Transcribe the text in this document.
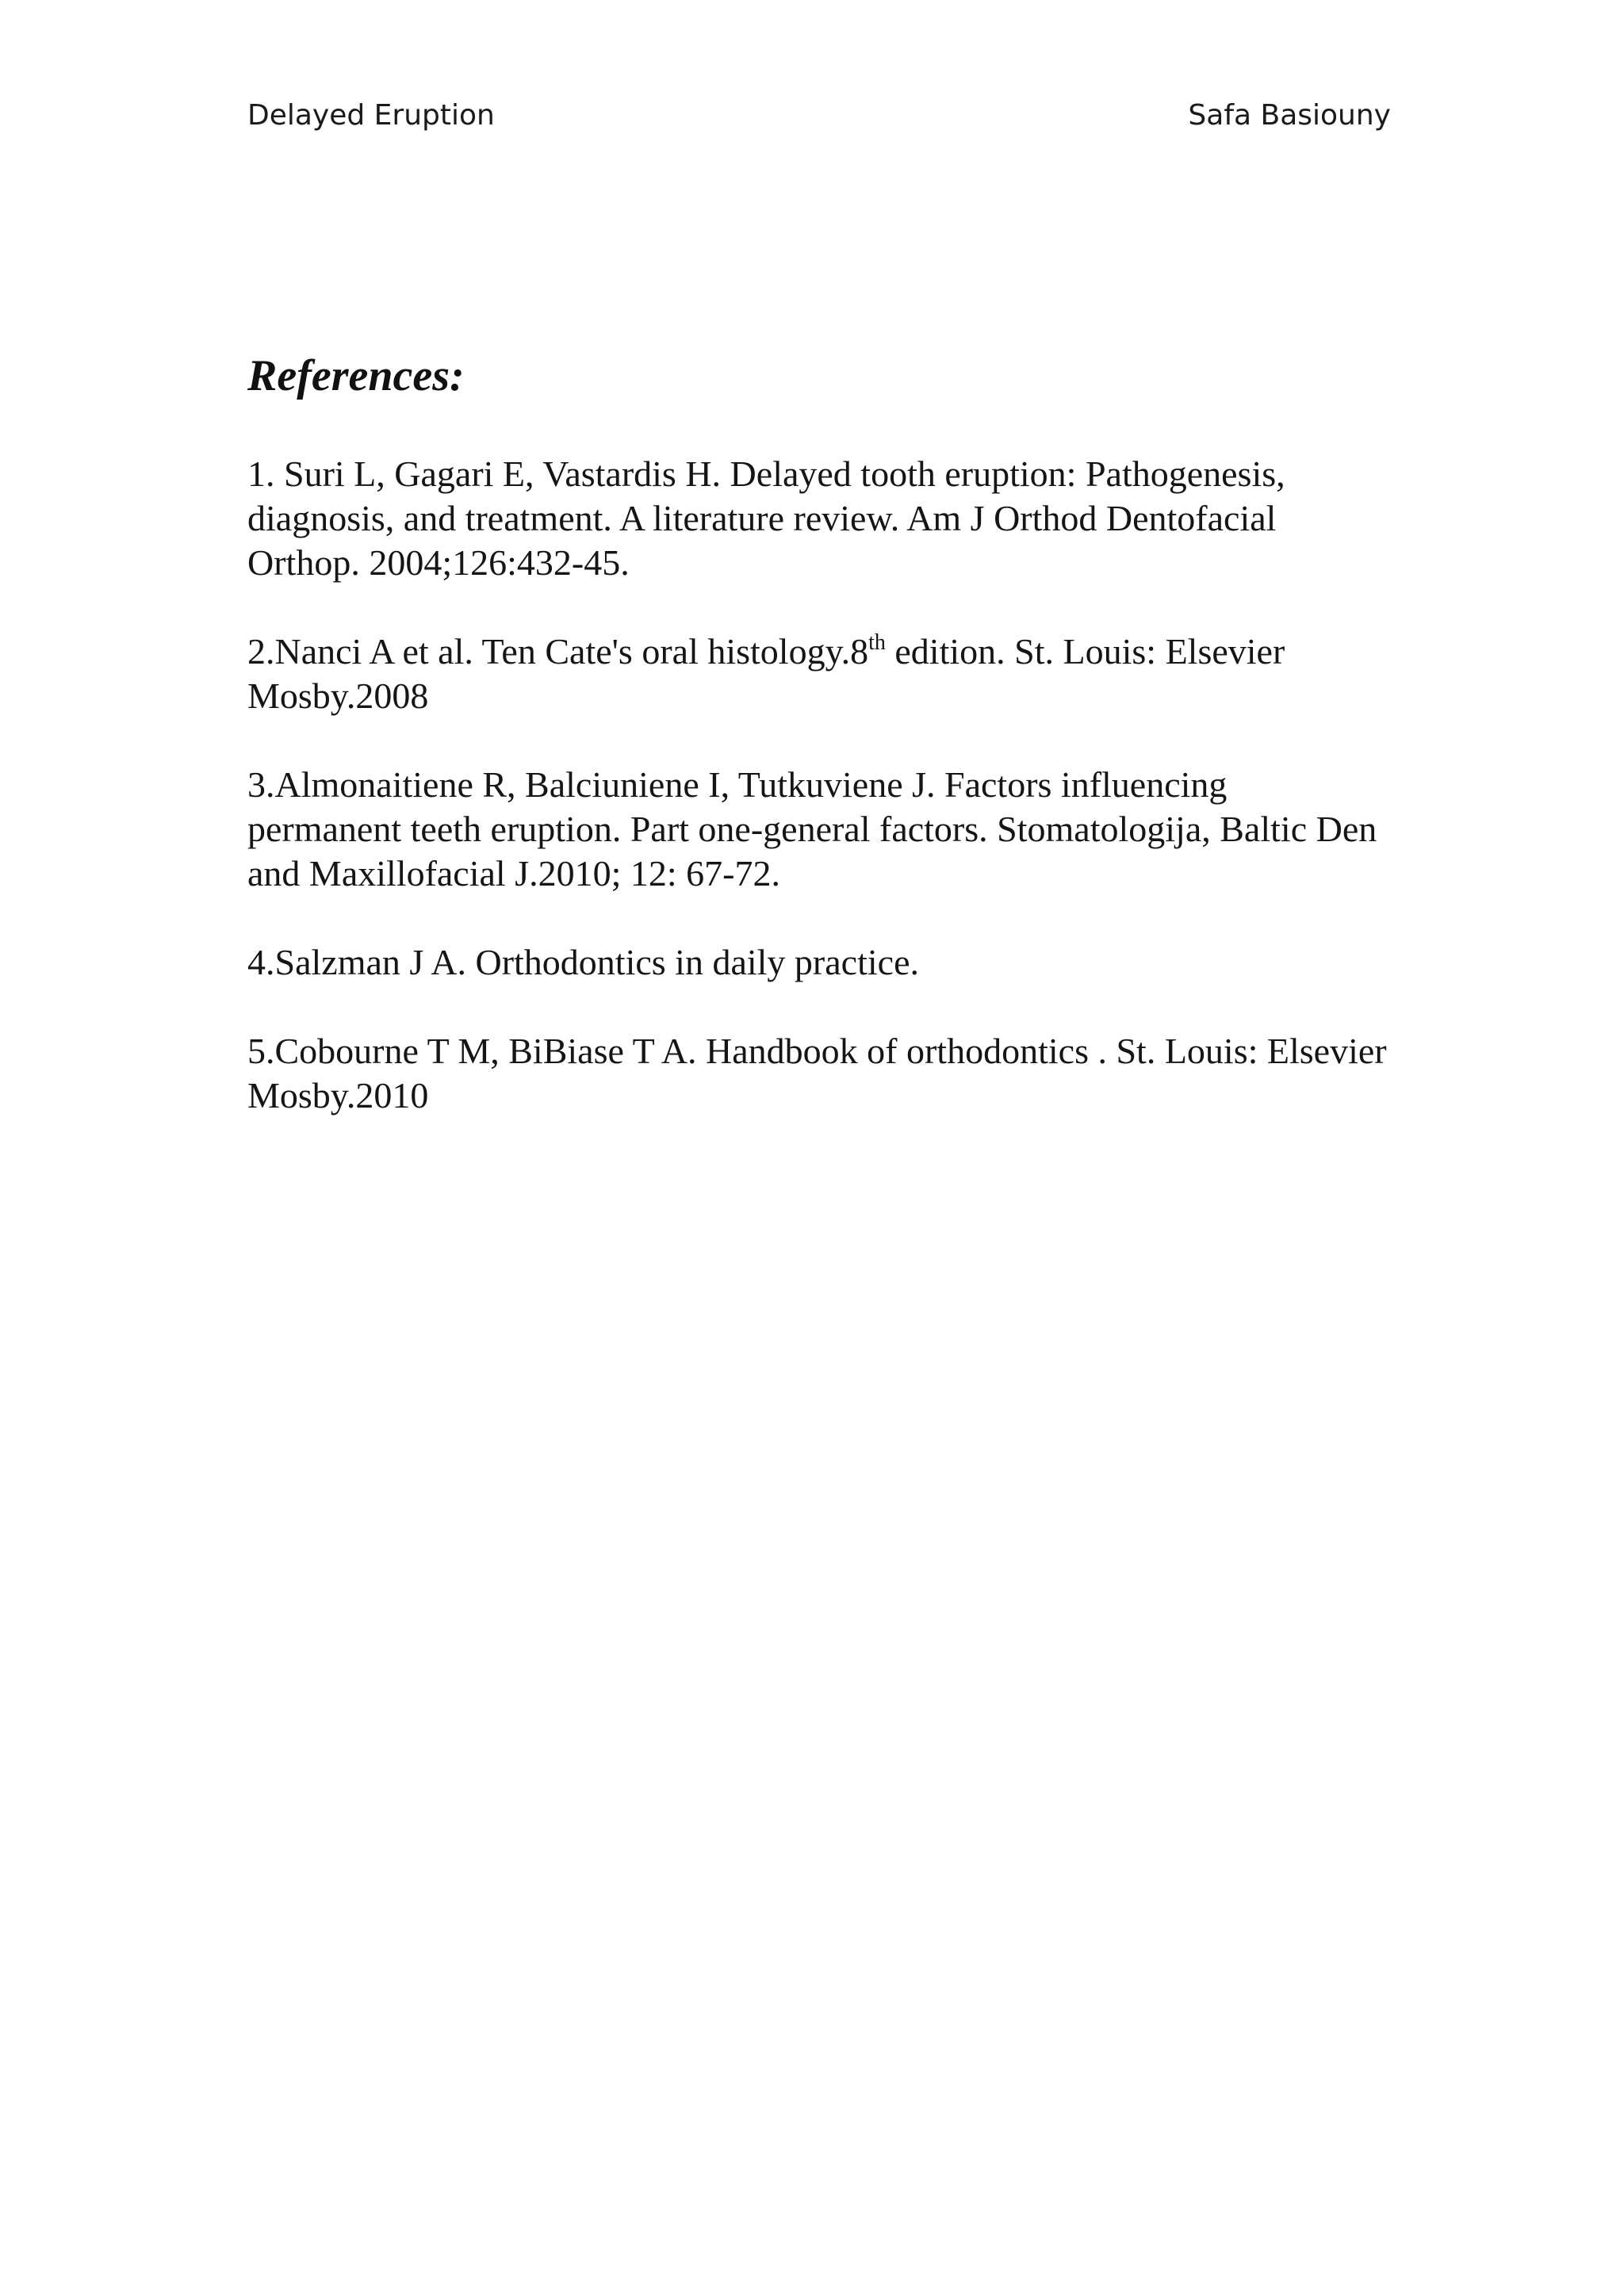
Delayed Eruption	Safa Basiouny
References:

1. Suri L, Gagari E, Vastardis H. Delayed tooth eruption: Pathogenesis, diagnosis, and treatment. A literature review. Am J Orthod Dentofacial Orthop. 2004;126:432-45.

2.Nanci A et al. Ten Cate's oral histology.8th edition. St. Louis: Elsevier Mosby.2008

3.Almonaitiene R, Balciuniene I, Tutkuviene J. Factors influencing permanent teeth eruption. Part one-general factors. Stomatologija, Baltic Den and Maxillofacial J.2010; 12: 67-72.

4.Salzman J A. Orthodontics in daily practice.

5.Cobourne T M, BiBiase T A. Handbook of orthodontics . St. Louis: Elsevier Mosby.2010
